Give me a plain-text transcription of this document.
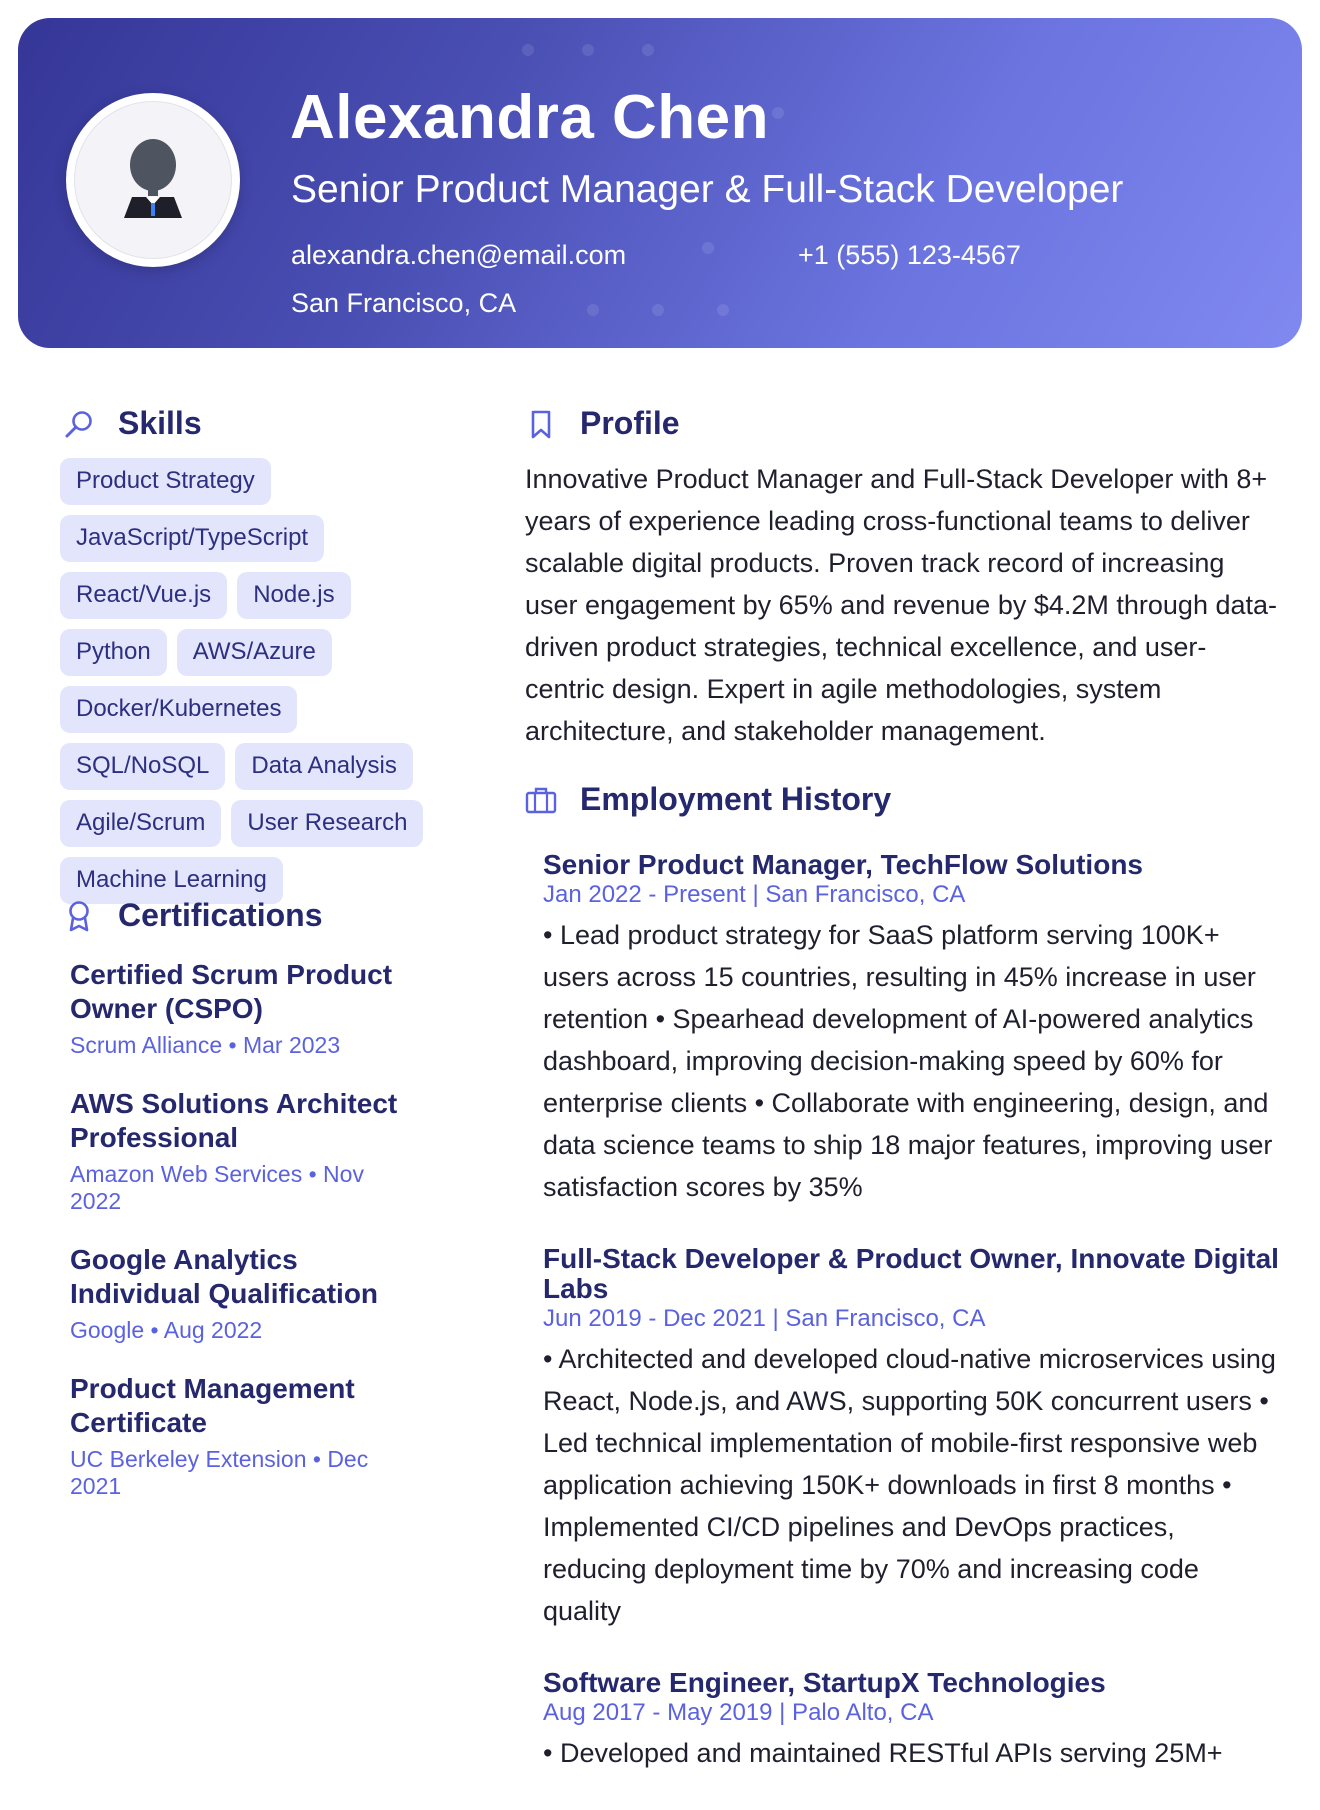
Alexandra Chen
Senior Product Manager & Full-Stack Developer
alexandra.chen@email.com	+1 (555) 123-4567
San Francisco, CA
Skills
Product Strategy
JavaScript/TypeScript
React/Vue.js	Node.js
Python	AWS/Azure
Docker/Kubernetes
SQL/NoSQL	Data Analysis
Agile/Scrum	User Research
Machine Learning
Certifications
Certified Scrum Product Owner (CSPO)
Scrum Alliance • Mar 2023
AWS Solutions Architect Professional
Amazon Web Services • Nov 2022
Google Analytics Individual Qualification
Google • Aug 2022
Product Management Certificate
UC Berkeley Extension • Dec 2021
Profile
Innovative Product Manager and Full-Stack Developer with 8+ years of experience leading cross-functional teams to deliver scalable digital products. Proven track record of increasing user engagement by 65% and revenue by $4.2M through data-driven product strategies, technical excellence, and user-centric design. Expert in agile methodologies, system architecture, and stakeholder management.
Employment History
Senior Product Manager, TechFlow Solutions
Jan 2022 - Present | San Francisco, CA
• Lead product strategy for SaaS platform serving 100K+ users across 15 countries, resulting in 45% increase in user retention • Spearhead development of AI-powered analytics dashboard, improving decision-making speed by 60% for enterprise clients • Collaborate with engineering, design, and data science teams to ship 18 major features, improving user satisfaction scores by 35%
Full-Stack Developer & Product Owner, Innovate Digital Labs
Jun 2019 - Dec 2021 | San Francisco, CA
• Architected and developed cloud-native microservices using React, Node.js, and AWS, supporting 50K concurrent users • Led technical implementation of mobile-first responsive web application achieving 150K+ downloads in first 8 months • Implemented CI/CD pipelines and DevOps practices, reducing deployment time by 70% and increasing code quality
Software Engineer, StartupX Technologies
Aug 2017 - May 2019 | Palo Alto, CA
• Developed and maintained RESTful APIs serving 25M+
